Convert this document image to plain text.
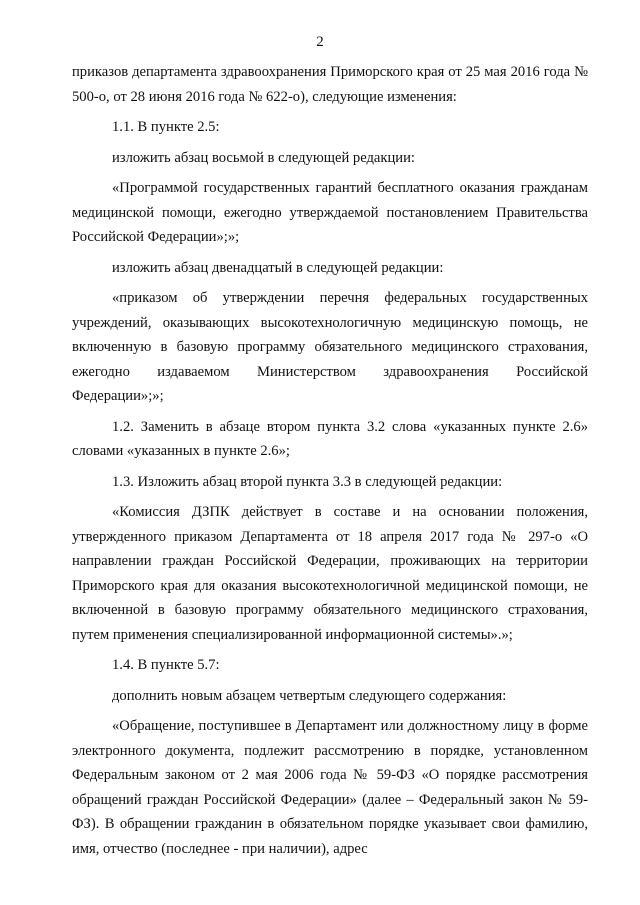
2

приказов департамента здравоохранения Приморского края от 25 мая 2016 года № 500-о, от 28 июня 2016 года № 622-о), следующие изменения:

1.1. В пункте 2.5:

изложить абзац восьмой в следующей редакции:

«Программой государственных гарантий бесплатного оказания гражданам медицинской помощи, ежегодно утверждаемой постановлением Правительства Российской Федерации»;»;

изложить абзац двенадцатый в следующей редакции:

«приказом об утверждении перечня федеральных государственных учреждений, оказывающих высокотехнологичную медицинскую помощь, не включенную в базовую программу обязательного медицинского страхования, ежегодно издаваемом Министерством здравоохранения Российской Федерации»;»;

1.2. Заменить в абзаце втором пункта 3.2 слова «указанных пункте 2.6» словами «указанных в пункте 2.6»;

1.3. Изложить абзац второй пункта 3.3 в следующей редакции:

«Комиссия ДЗПК действует в составе и на основании положения, утвержденного приказом Департамента от 18 апреля 2017 года № 297-о «О направлении граждан Российской Федерации, проживающих на территории Приморского края для оказания высокотехнологичной медицинской помощи, не включенной в базовую программу обязательного медицинского страхования, путем применения специализированной информационной системы».»;

1.4. В пункте 5.7:

дополнить новым абзацем четвертым следующего содержания:

«Обращение, поступившее в Департамент или должностному лицу в форме электронного документа, подлежит рассмотрению в порядке, установленном Федеральным законом от 2 мая 2006 года № 59-ФЗ «О порядке рассмотрения обращений граждан Российской Федерации» (далее – Федеральный закон № 59-ФЗ). В обращении гражданин в обязательном порядке указывает свои фамилию, имя, отчество (последнее - при наличии), адрес
